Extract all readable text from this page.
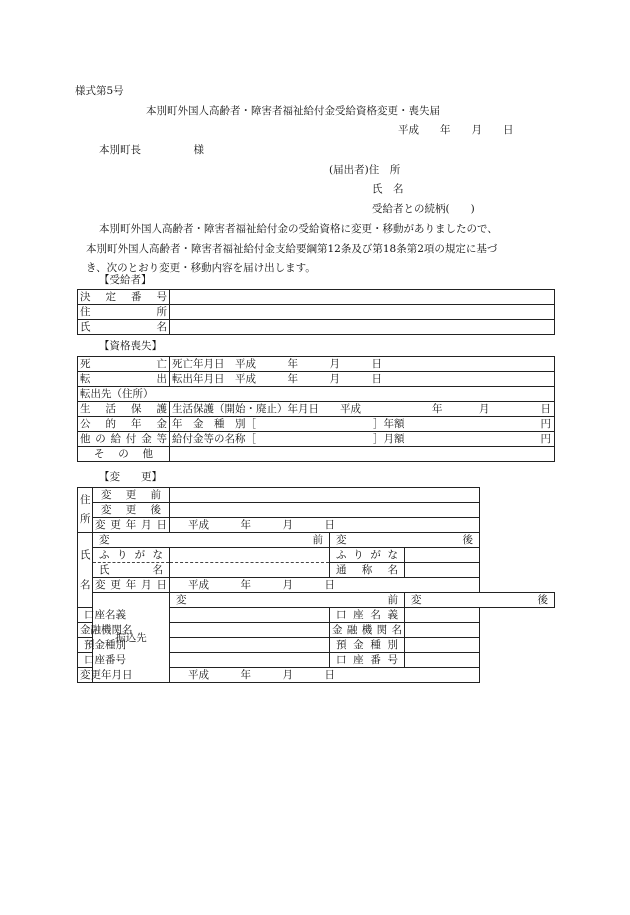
様式第5号
本別町外国人高齢者・障害者福祉給付金受給資格変更・喪失届
平成　　年　　月　　日
本別町長　　　　　様
(届出者)住　所
氏　名
受給者との続柄(　　)
本別町外国人高齢者・障害者福祉給付金の受給資格に変更・移動がありましたので、
本別町外国人高齢者・障害者福祉給付金支給要綱第12条及び第18条第2項の規定に基づ
き、次のとおり変更・移動内容を届け出します。
【受給者】
決定番号	
住所	
氏名	
【資格喪失】
死亡	死亡年月日　平成　　　年　　　月　　　日
転出	転出年月日　平成　　　年　　　月　　　日
転出先（住所）	
生活保護	生活保護（開始・廃止）年月日　　平成 年 月 日

公的年金	年　金　種　別［ ］年額 円

他の給付金等	給付金等の名称［ ］月額 円

その他	
【変　　更】
住所	変更前			
	変更後			
	変更年月日	平成　　　年　　　月　　　日		
氏名	変　　　　　　　　　　前		変　　　　　　　　　　後	
	ふりがな		ふりがな	
	氏名		通称名	
	変更年月日	平成　　　年　　　月　　　日		
	振込先	変　　　　　　　　　　前		変　　　　　　　　　　後
口座名義			口座名義	
金融機関名			金融機関名	
預金種別			預金種別	
口座番号			口座番号	
変更年月日		平成　　　年　　　月　　　日		
